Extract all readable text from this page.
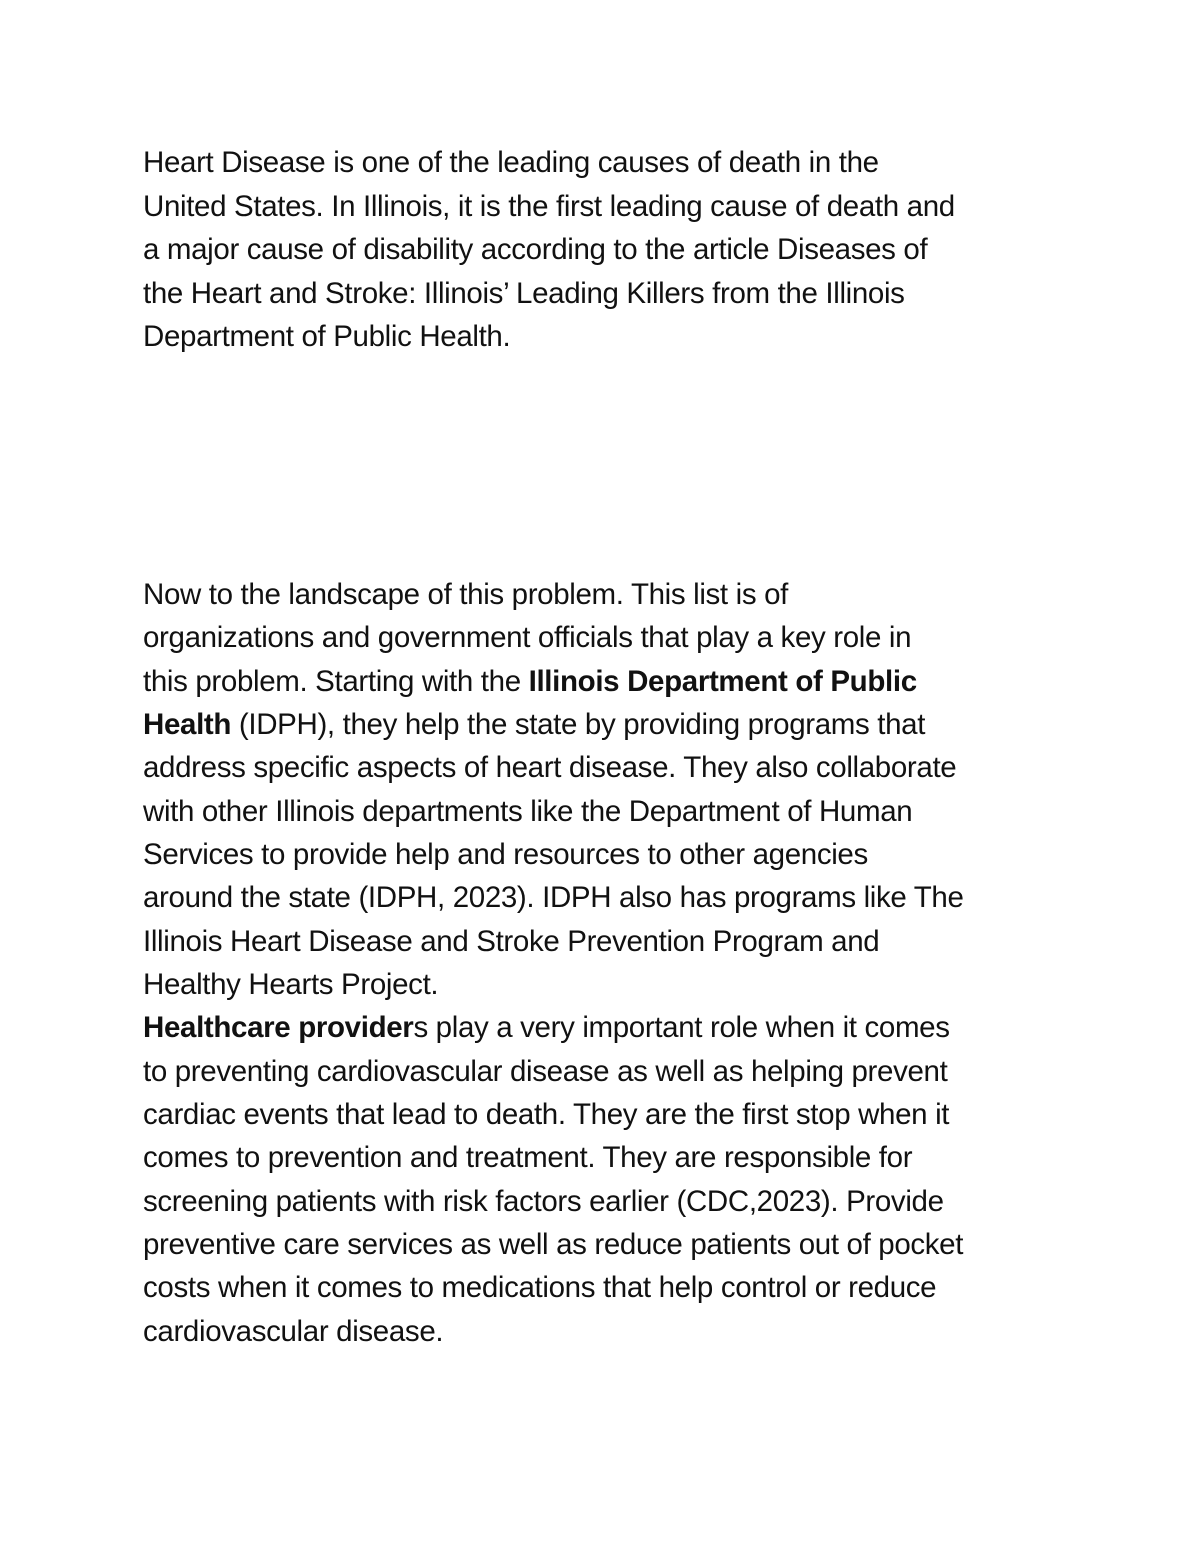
Heart Disease is one of the leading causes of death in the

United States. In Illinois, it is the first leading cause of death and

a major cause of disability according to the article Diseases of

the Heart and Stroke: Illinois’ Leading Killers from the Illinois

Department of Public Health.

Now to the landscape of this problem. This list is of

organizations and government officials that play a key role in

this problem. Starting with the Illinois Department of Public

Health (IDPH), they help the state by providing programs that

address specific aspects of heart disease. They also collaborate

with other Illinois departments like the Department of Human

Services to provide help and resources to other agencies

around the state (IDPH, 2023). IDPH also has programs like The

Illinois Heart Disease and Stroke Prevention Program and

Healthy Hearts Project.

Healthcare providers play a very important role when it comes

to preventing cardiovascular disease as well as helping prevent

cardiac events that lead to death. They are the first stop when it

comes to prevention and treatment. They are responsible for

screening patients with risk factors earlier (CDC,2023). Provide

preventive care services as well as reduce patients out of pocket

costs when it comes to medications that help control or reduce

cardiovascular disease.
